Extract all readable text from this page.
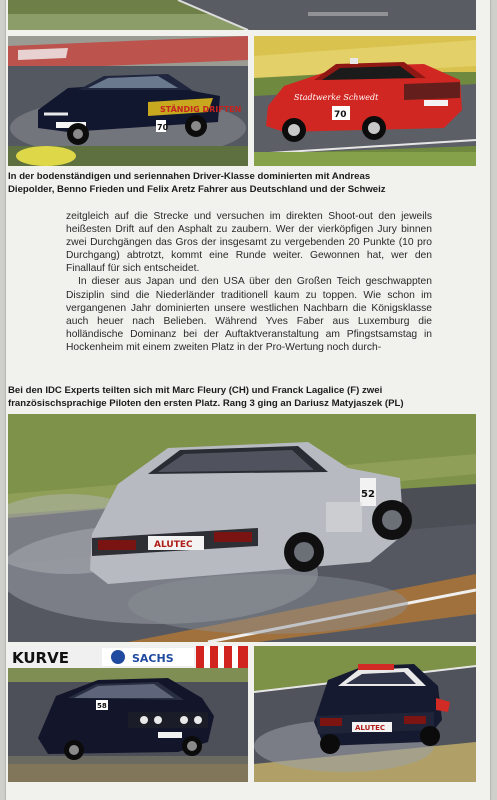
STÄNDIG DRIFTEN
70
Stadtwerke Schwedt
70
In der bodenständigen und seriennahen Driver-Klasse dominierten mit Andreas
Diepolder, Benno Frieden und Felix Aretz Fahrer aus Deutschland und der Schweiz

zeitgleich auf die Strecke und versuchen im direkten Shoot-out den jeweils heißesten Drift auf den Asphalt zu zaubern. Wer der vierköpfigen Jury binnen zwei Durchgängen das Gros der insgesamt zu vergebenden 20 Punkte (10 pro Durchgang) abtrotzt, kommt eine Runde weiter. Gewonnen hat, wer den Finallauf für sich entscheidet.

In dieser aus Japan und den USA über den Großen Teich geschwappten Disziplin sind die Niederländer traditionell kaum zu toppen. Wie schon im vergangenen Jahr dominierten unsere westlichen Nachbarn die Königsklasse auch heuer nach Belieben. Während Yves Faber aus Luxemburg die holländische Dominanz bei der Auftaktveranstaltung am Pfingstsamstag in Hockenheim mit einem zweiten Platz in der Pro-Wertung noch durch-

Bei den IDC Experts teilten sich mit Marc Fleury (CH) und Franck Lagalice (F) zwei
französischsprachige Piloten den ersten Platz. Rang 3 ging an Dariusz Matyjaszek (PL)
ALUTEC
52
KURVE	SACHS
58
ALUTEC
